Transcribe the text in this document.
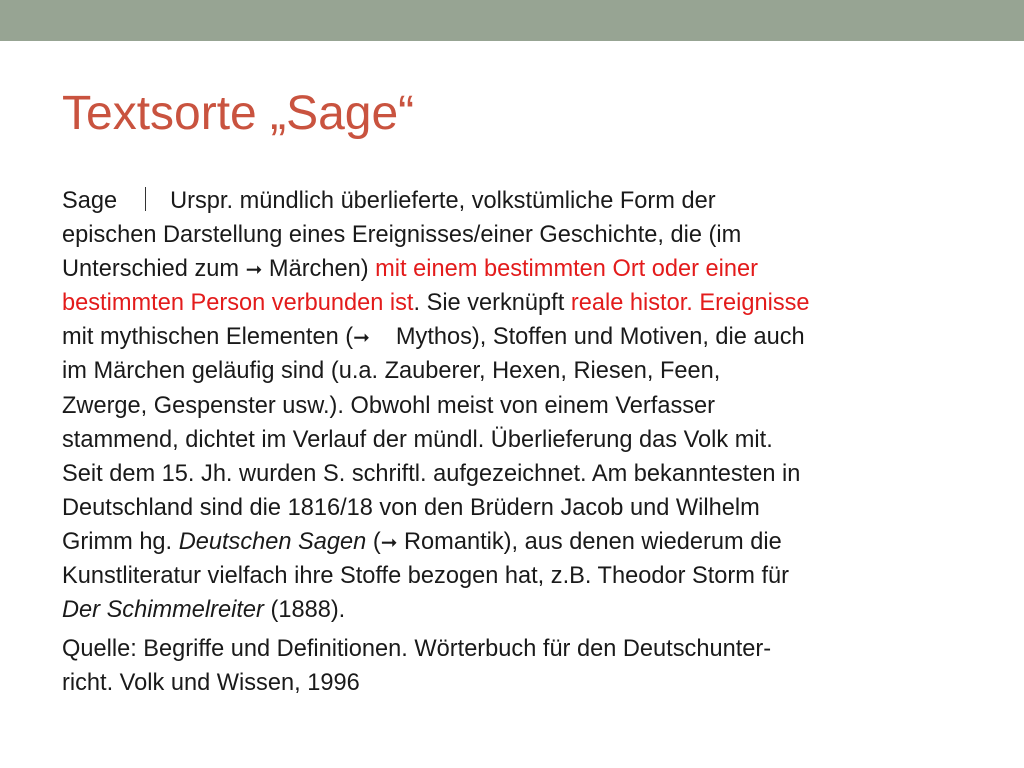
Textsorte „Sage“

Sage Urspr. mündlich überlieferte, volkstümliche Form der
epischen Darstellung eines Ereignisses/einer Geschichte, die (im
Unterschied zum ➞ Märchen) mit einem bestimmten Ort oder einer
bestimmten Person verbunden ist. Sie verknüpft reale histor. Ereignisse
mit mythischen Elementen (➞ Mythos), Stoffen und Motiven, die auch
im Märchen geläufig sind (u.a. Zauberer, Hexen, Riesen, Feen,
Zwerge, Gespenster usw.). Obwohl meist von einem Verfasser
stammend, dichtet im Verlauf der mündl. Überlieferung das Volk mit.
Seit dem 15. Jh. wurden S. schriftl. aufgezeichnet. Am bekanntesten in
Deutschland sind die 1816/18 von den Brüdern Jacob und Wilhelm
Grimm hg. Deutschen Sagen (➞ Romantik), aus denen wiederum die
Kunstliteratur vielfach ihre Stoffe bezogen hat, z.B. Theodor Storm für
Der Schimmelreiter (1888).

Quelle: Begriffe und Definitionen. Wörterbuch für den Deutschunter-
richt. Volk und Wissen, 1996
